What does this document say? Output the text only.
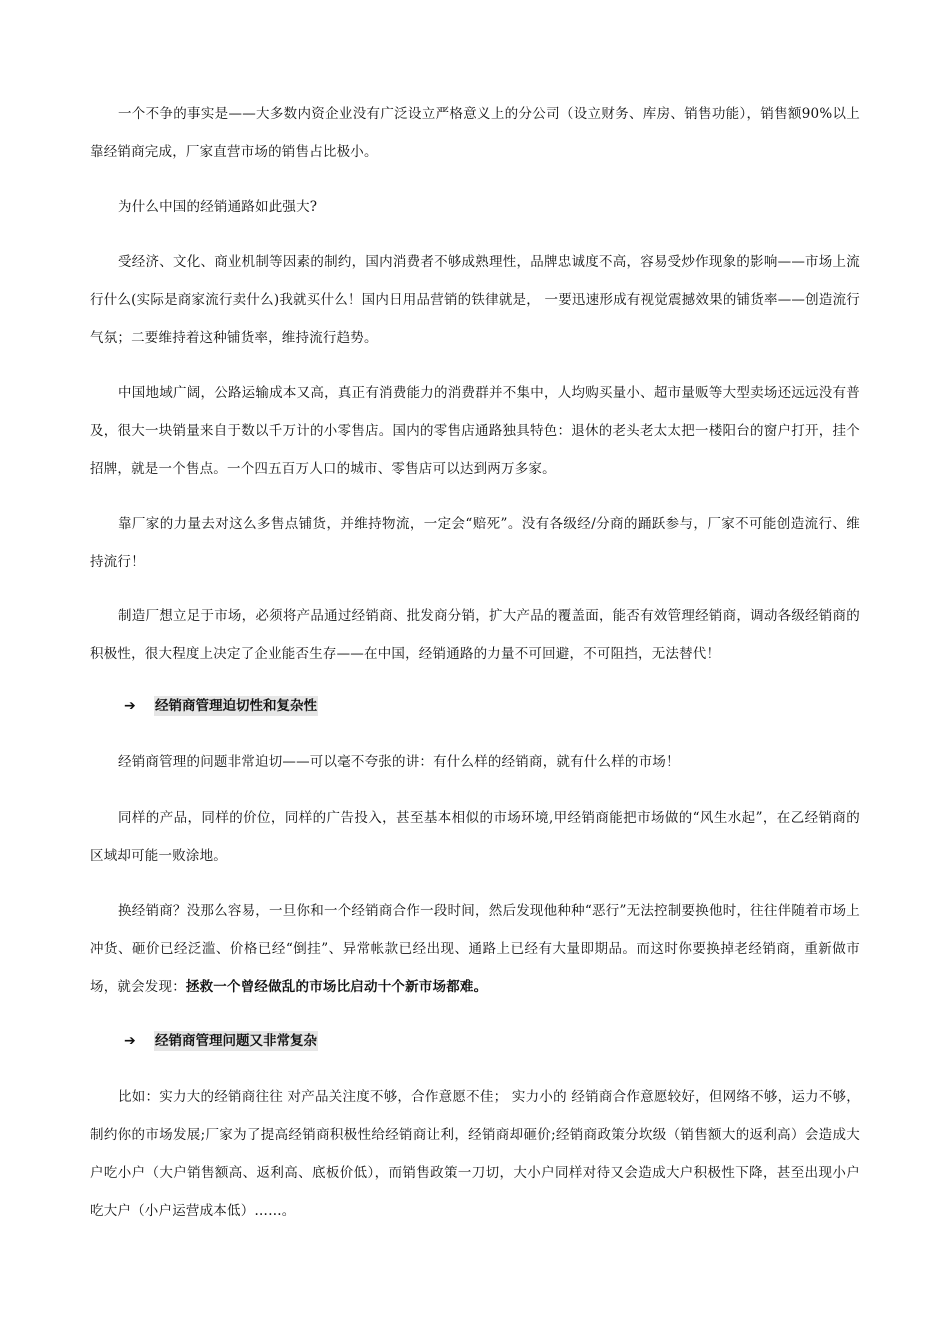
一个不争的事实是——大多数内资企业没有广泛设立严格意义上的分公司（设立财务、库房、销售功能），销售额90%以上靠经销商完成，厂家直营市场的销售占比极小。

为什么中国的经销通路如此强大?

受经济、文化、商业机制等因素的制约，国内消费者不够成熟理性，品牌忠诚度不高，容易受炒作现象的影响——市场上流行什么(实际是商家流行卖什么)我就买什么！国内日用品营销的铁律就是， 一要迅速形成有视觉震撼效果的铺货率——创造流行气氛；二要维持着这种铺货率，维持流行趋势。

中国地域广阔，公路运输成本又高，真正有消费能力的消费群并不集中，人均购买量小、超市量贩等大型卖场还远远没有普及，很大一块销量来自于数以千万计的小零售店。国内的零售店通路独具特色：退休的老头老太太把一楼阳台的窗户打开，挂个招牌，就是一个售点。一个四五百万人口的城市、零售店可以达到两万多家。

靠厂家的力量去对这么多售点铺货，并维持物流，一定会“赔死”。没有各级经/分商的踊跃参与，厂家不可能创造流行、维持流行！

制造厂想立足于市场，必须将产品通过经销商、批发商分销，扩大产品的覆盖面，能否有效管理经销商，调动各级经销商的积极性，很大程度上决定了企业能否生存——在中国，经销通路的力量不可回避，不可阻挡，无法替代！

➔	经销商管理迫切性和复杂性

经销商管理的问题非常迫切——可以毫不夸张的讲：有什么样的经销商，就有什么样的市场！

同样的产品，同样的价位，同样的广告投入，甚至基本相似的市场环境,甲经销商能把市场做的“风生水起”，在乙经销商的区域却可能一败涂地。

换经销商？没那么容易，一旦你和一个经销商合作一段时间，然后发现他种种“恶行”无法控制要换他时，往往伴随着市场上冲货、砸价已经泛滥、价格已经“倒挂”、异常帐款已经出现、通路上已经有大量即期品。而这时你要换掉老经销商，重新做市场，就会发现：拯救一个曾经做乱的市场比启动十个新市场都难。

➔	经销商管理问题又非常复杂

比如：实力大的经销商往往 对产品关注度不够，合作意愿不佳； 实力小的 经销商合作意愿较好，但网络不够，运力不够，制约你的市场发展;厂家为了提高经销商积极性给经销商让利，经销商却砸价;经销商政策分坎级（销售额大的返利高）会造成大户吃小户（大户销售额高、返利高、底板价低），而销售政策一刀切，大小户同样对待又会造成大户积极性下降，甚至出现小户吃大户（小户运营成本低）……。
